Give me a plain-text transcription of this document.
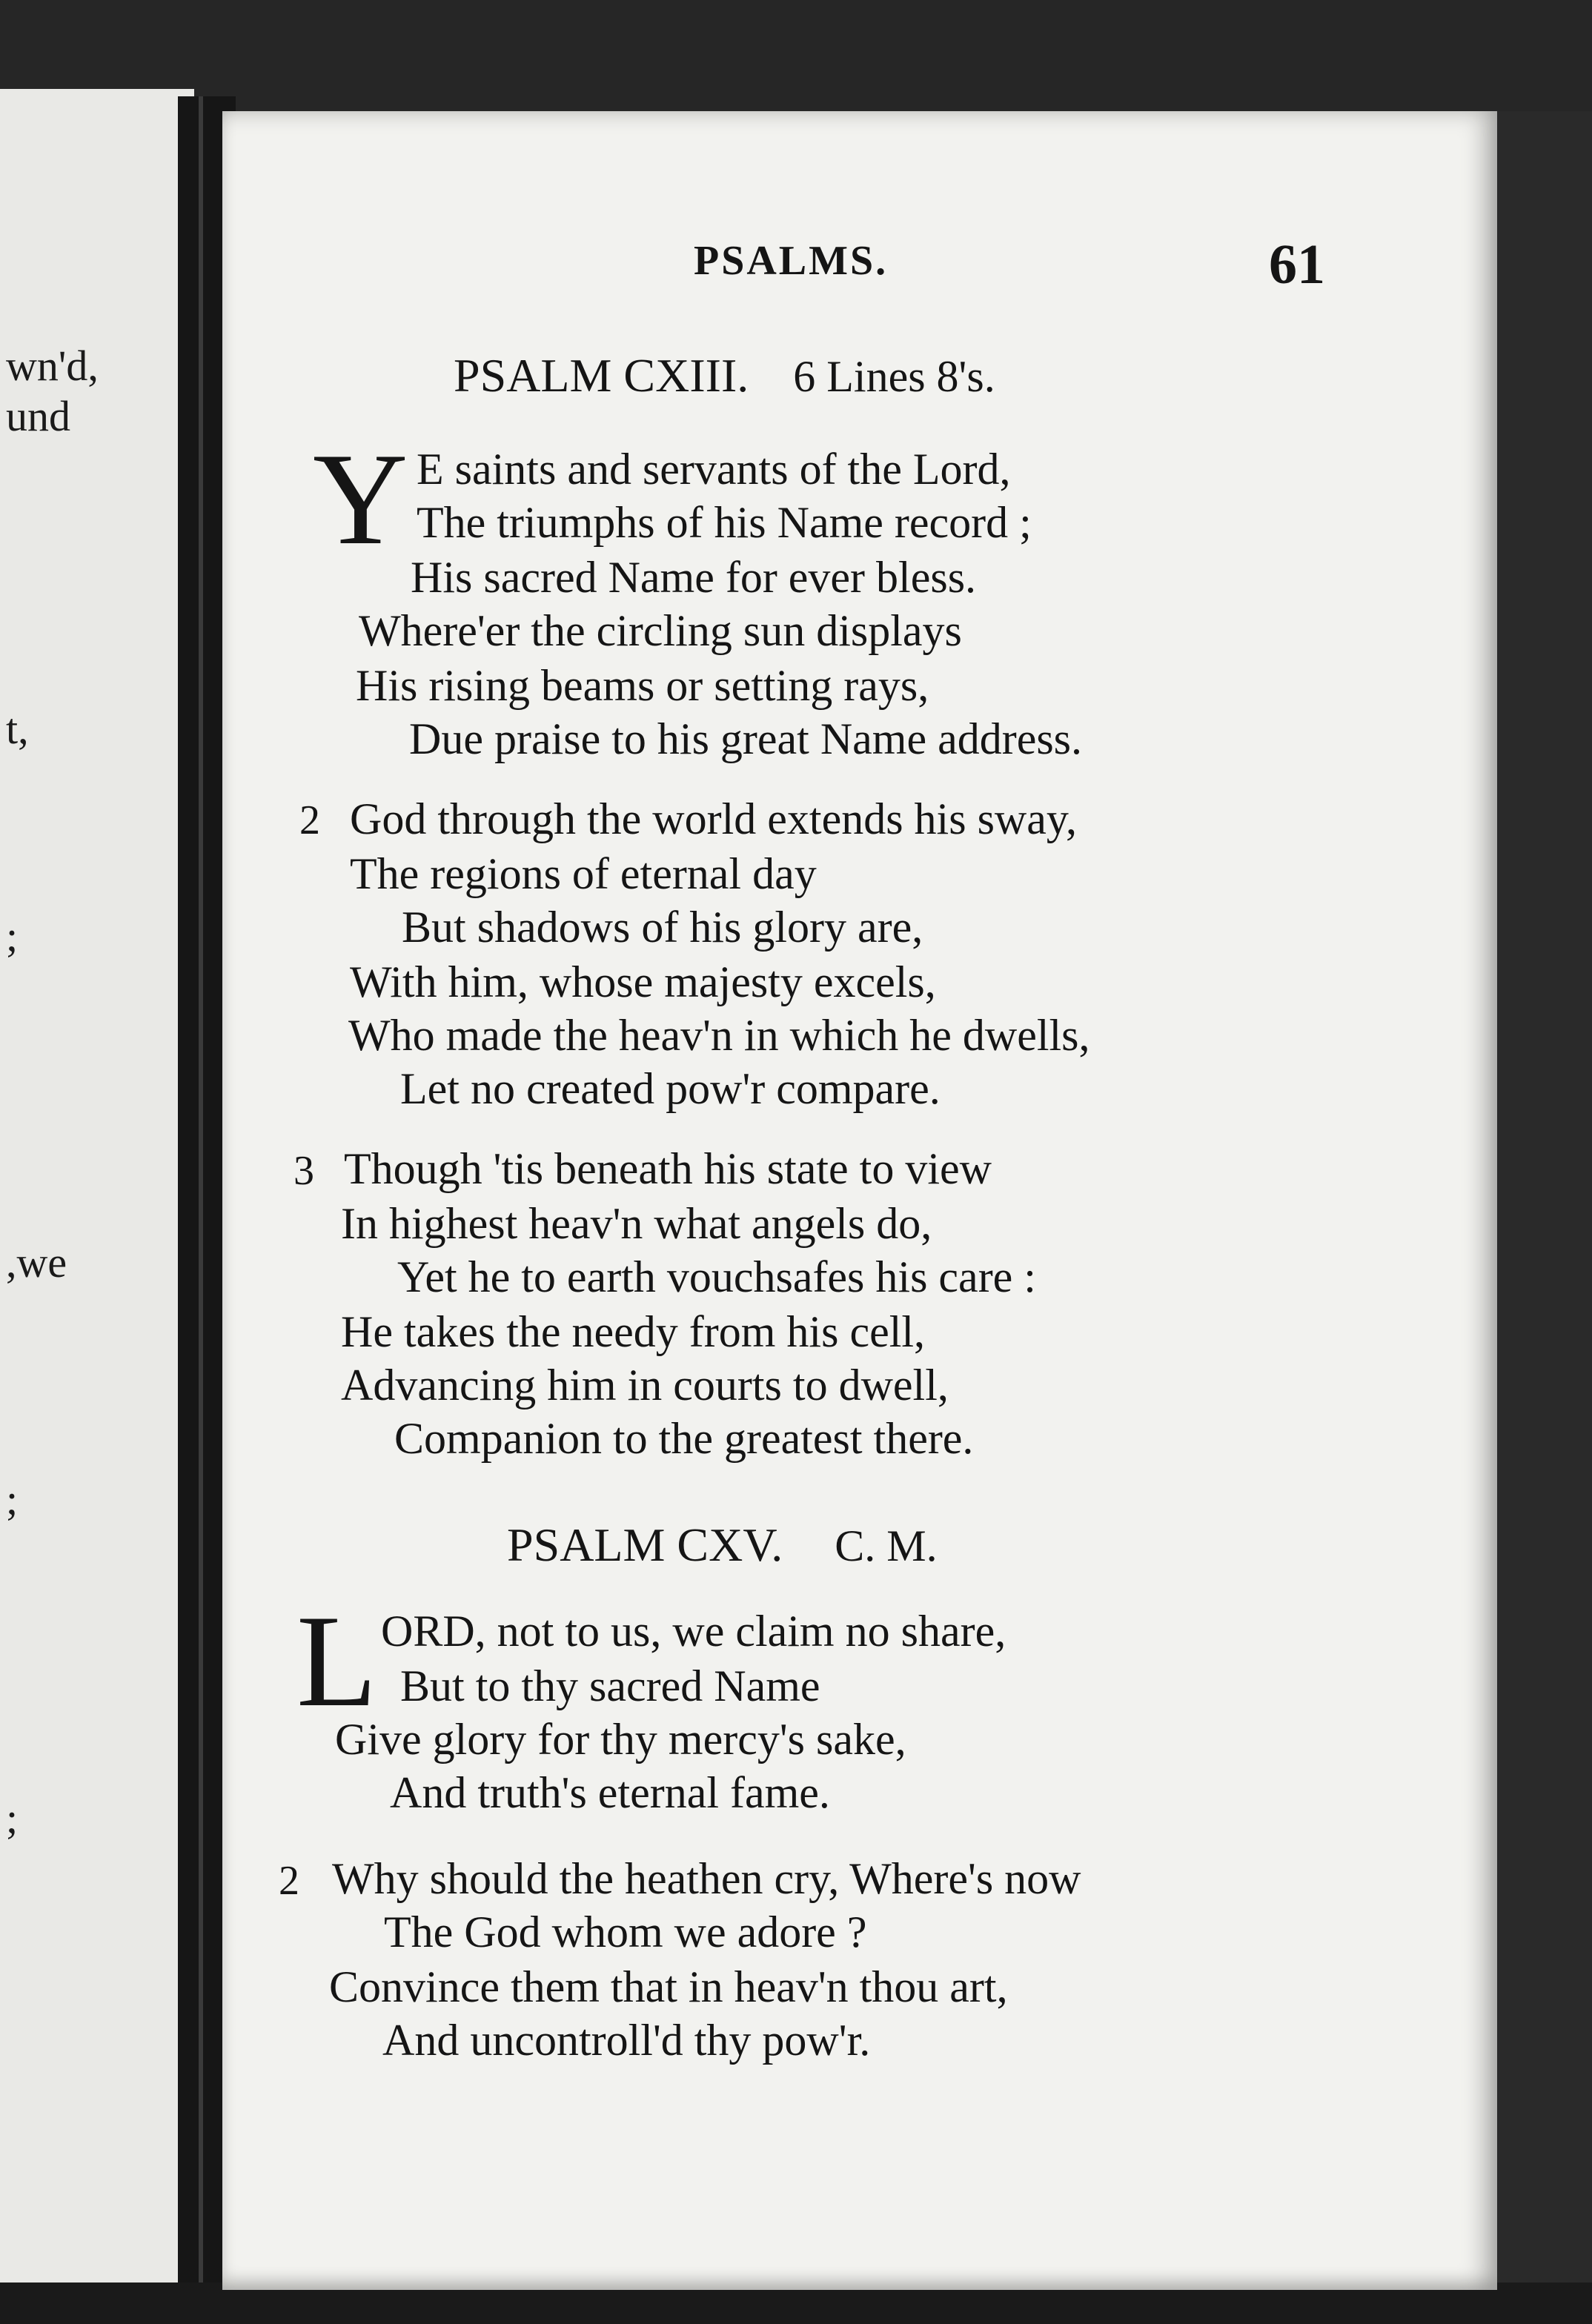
wn'd,
und
t,
;
,we
;
;
PSALMS.	61
PSALM CXIII. 6 Lines 8's.
Y E saints and servants of the Lord,
The triumphs of his Name record ;
His sacred Name for ever bless.
Where'er the circling sun displays
His rising beams or setting rays,
Due praise to his great Name address.
2 God through the world extends his sway,
The regions of eternal day
But shadows of his glory are,
With him, whose majesty excels,
Who made the heav'n in which he dwells,
Let no created pow'r compare.
3 Though 'tis beneath his state to view
In highest heav'n what angels do,
Yet he to earth vouchsafes his care :
He takes the needy from his cell,
Advancing him in courts to dwell,
Companion to the greatest there.
PSALM CXV. C. M.
L ORD, not to us, we claim no share,
But to thy sacred Name
Give glory for thy mercy's sake,
And truth's eternal fame.
2 Why should the heathen cry, Where's now
The God whom we adore ?
Convince them that in heav'n thou art,
And uncontroll'd thy pow'r.
